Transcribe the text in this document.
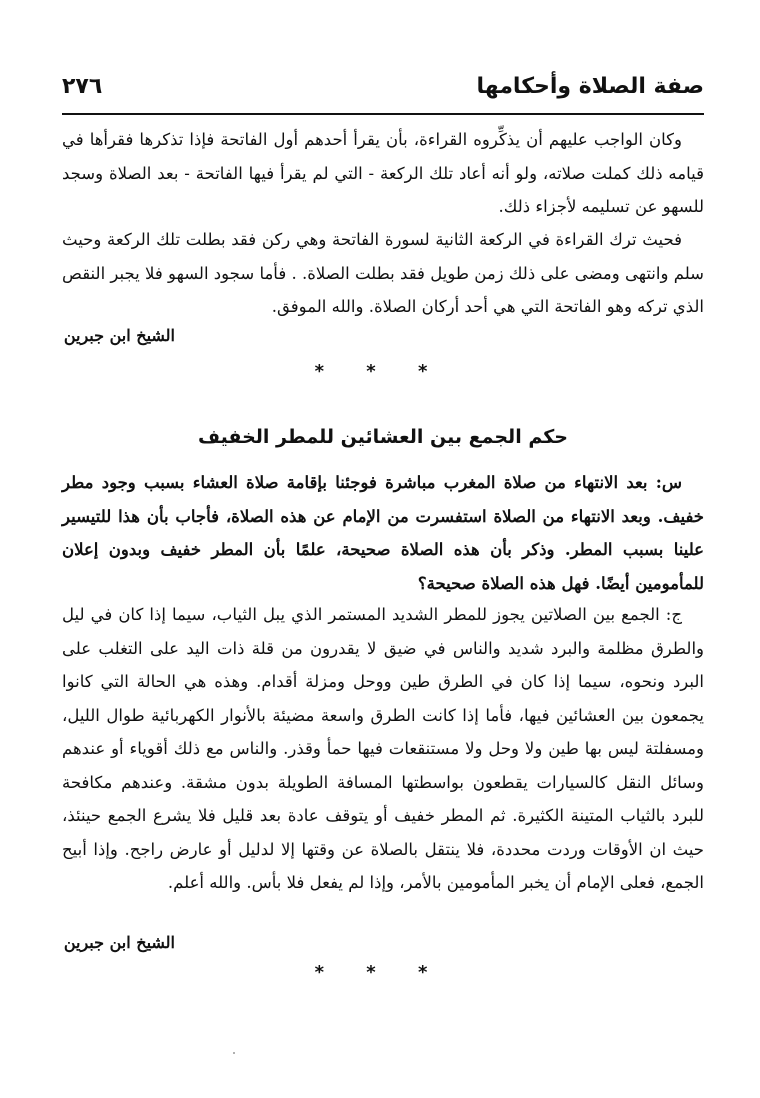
صفة الصلاة وأحكامها
٢٧٦

وكان الواجب عليهم أن يذكِّروه القراءة، بأن يقرأ أحدهم أول الفاتحة فإذا تذكرها فقرأها في قيامه ذلك كملت صلاته، ولو أنه أعاد تلك الركعة - التي لم يقرأ فيها الفاتحة - بعد الصلاة وسجد للسهو عن تسليمه لأجزاء ذلك.

فحيث ترك القراءة في الركعة الثانية لسورة الفاتحة وهي ركن فقد بطلت تلك الركعة وحيث سلم وانتهى ومضى على ذلك زمن طويل فقد بطلت الصلاة. . فأما سجود السهو فلا يجبر النقص الذي تركه وهو الفاتحة التي هي أحد أركان الصلاة. والله الموفق.

الشيخ ابن جبرين
* * *
حكم الجمع بين العشائين للمطر الخفيف

س: بعد الانتهاء من صلاة المغرب مباشرة فوجئنا بإقامة صلاة العشاء بسبب وجود مطر خفيف. وبعد الانتهاء من الصلاة استفسرت من الإمام عن هذه الصلاة، فأجاب بأن هذا للتيسير علينا بسبب المطر. وذكر بأن هذه الصلاة صحيحة، علمًا بأن المطر خفيف وبدون إعلان للمأمومين أيضًا. فهل هذه الصلاة صحيحة؟

ج: الجمع بين الصلاتين يجوز للمطر الشديد المستمر الذي يبل الثياب، سيما إذا كان في ليل والطرق مظلمة والبرد شديد والناس في ضيق لا يقدرون من قلة ذات اليد على التغلب على البرد ونحوه، سيما إذا كان في الطرق طين ووحل ومزلة أقدام. وهذه هي الحالة التي كانوا يجمعون بين العشائين فيها، فأما إذا كانت الطرق واسعة مضيئة بالأنوار الكهربائية طوال الليل، ومسفلتة ليس بها طين ولا وحل ولا مستنقعات فيها حمأ وقذر. والناس مع ذلك أقوياء أو عندهم وسائل النقل كالسيارات يقطعون بواسطتها المسافة الطويلة بدون مشقة. وعندهم مكافحة للبرد بالثياب المتينة الكثيرة. ثم المطر خفيف أو يتوقف عادة بعد قليل فلا يشرع الجمع حينئذ، حيث ان الأوقات وردت محددة، فلا ينتقل بالصلاة عن وقتها إلا لدليل أو عارض راجح. وإذا أبيح الجمع، فعلى الإمام أن يخبر المأمومين بالأمر، وإذا لم يفعل فلا بأس. والله أعلم.

الشيخ ابن جبرين
* * *
